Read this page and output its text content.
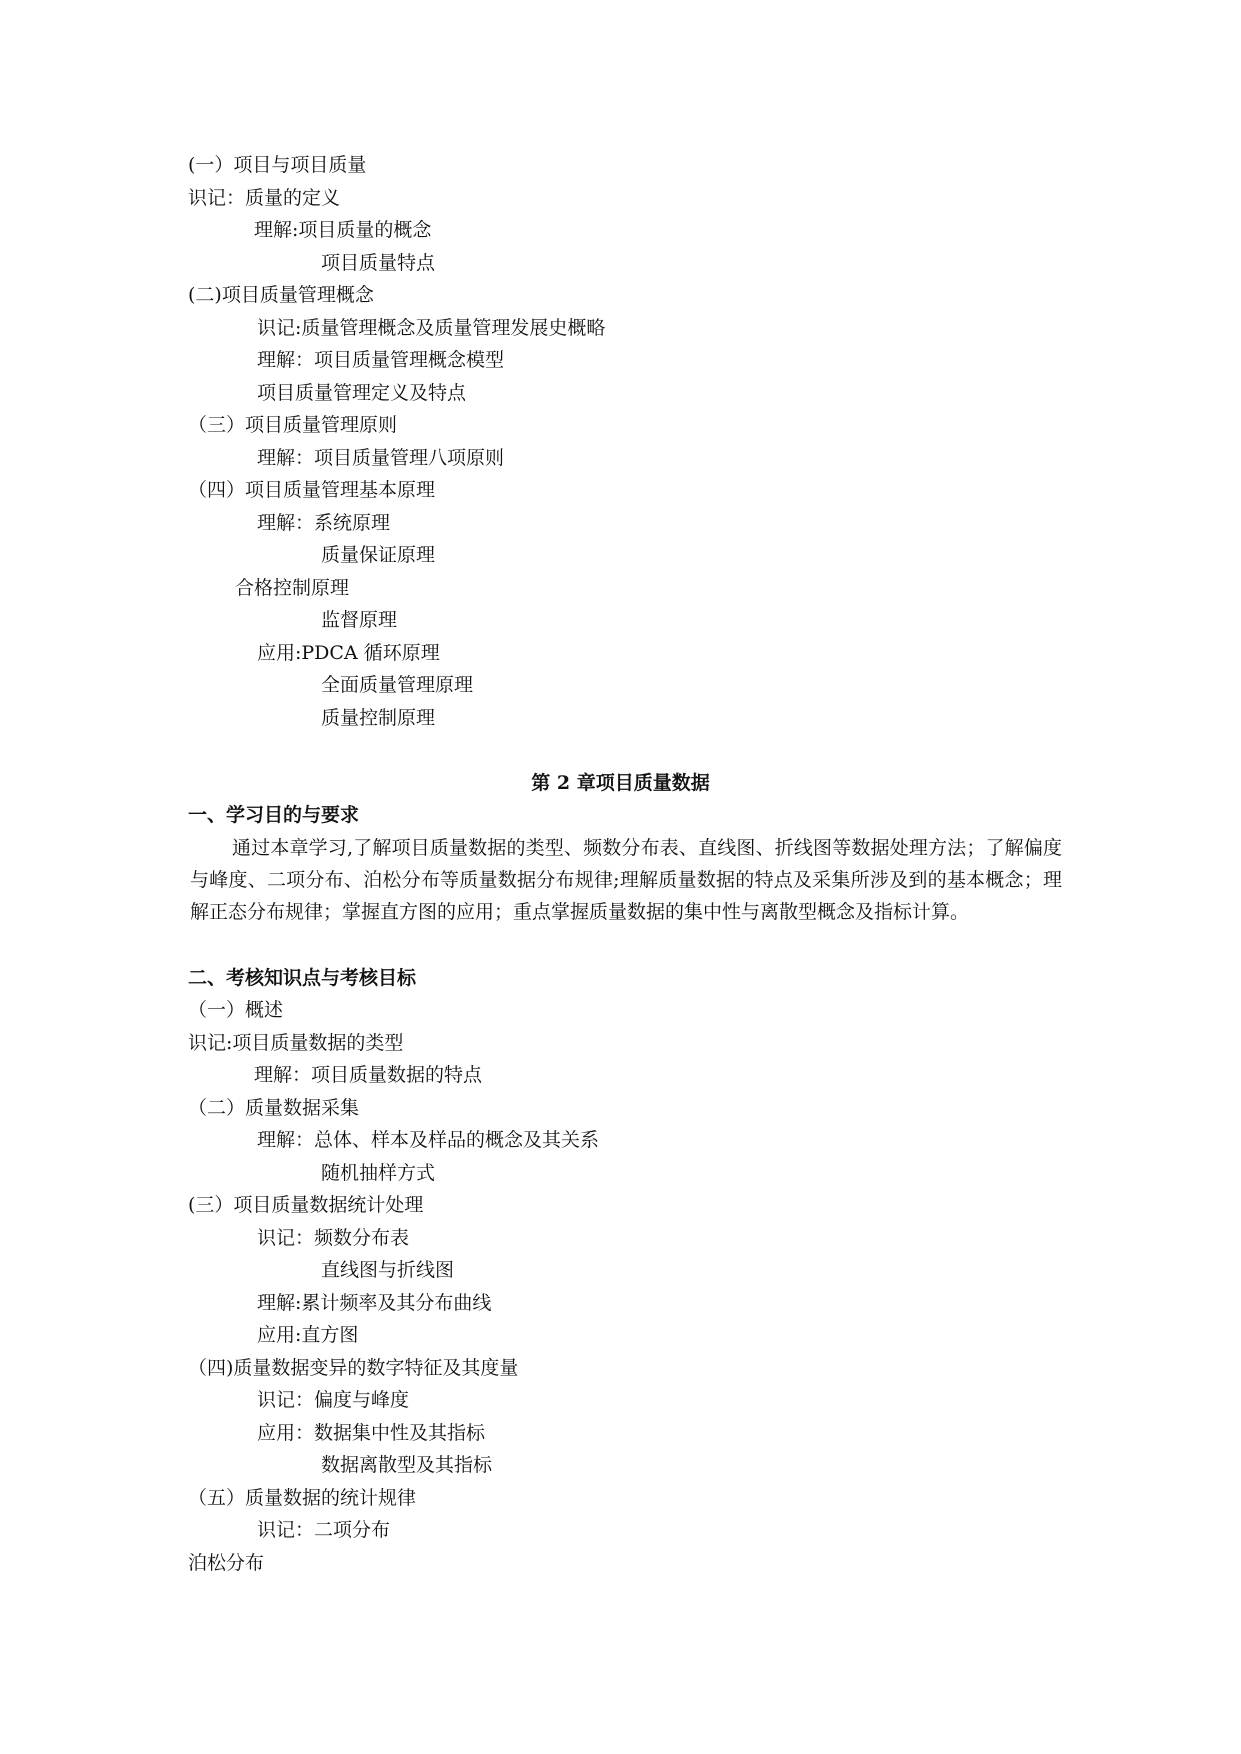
(一）项目与项目质量
识记：质量的定义
理解:项目质量的概念
项目质量特点
(二)项目质量管理概念
识记:质量管理概念及质量管理发展史概略
理解：项目质量管理概念模型
项目质量管理定义及特点
（三）项目质量管理原则
理解：项目质量管理八项原则
（四）项目质量管理基本原理
理解：系统原理
质量保证原理
合格控制原理
监督原理
应用:PDCA 循环原理
全面质量管理原理
质量控制原理
第 2 章项目质量数据
一、学习目的与要求
通过本章学习,了解项目质量数据的类型、频数分布表、直线图、折线图等数据处理方法；了解偏度与峰度、二项分布、泊松分布等质量数据分布规律;理解质量数据的特点及采集所涉及到的基本概念；理解正态分布规律；掌握直方图的应用；重点掌握质量数据的集中性与离散型概念及指标计算。
二、考核知识点与考核目标
（一）概述
识记:项目质量数据的类型
理解：项目质量数据的特点
（二）质量数据采集
理解：总体、样本及样品的概念及其关系
随机抽样方式
(三）项目质量数据统计处理
识记：频数分布表
直线图与折线图
理解:累计频率及其分布曲线
应用:直方图
（四)质量数据变异的数字特征及其度量
识记：偏度与峰度
应用：数据集中性及其指标
数据离散型及其指标
（五）质量数据的统计规律
识记：二项分布
泊松分布
